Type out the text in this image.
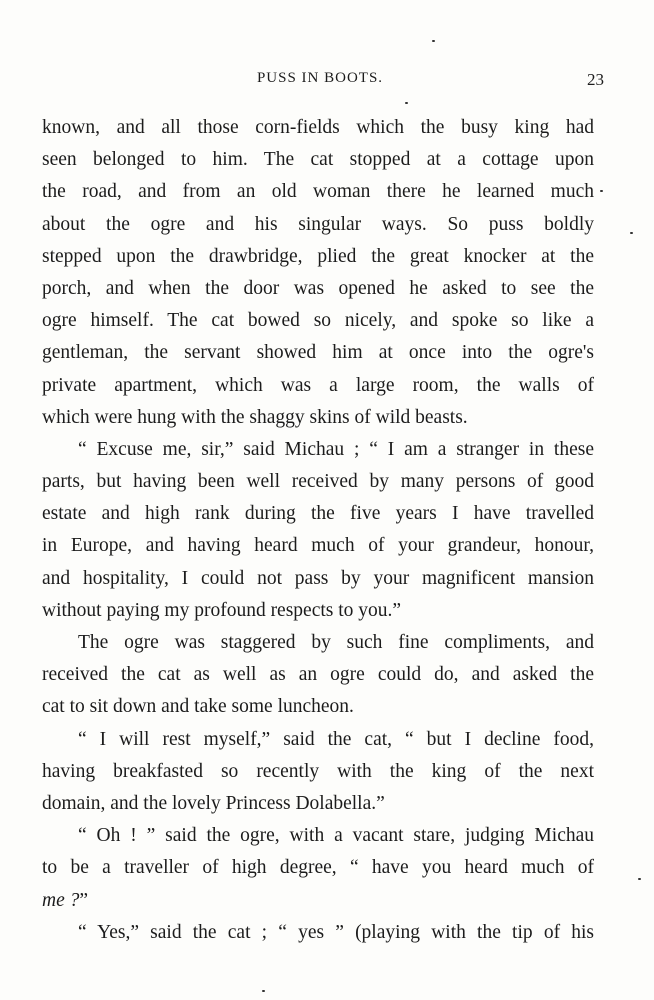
PUSS IN BOOTS.	23
known, and all those corn-fields which the busy king had
seen belonged to him. The cat stopped at a cottage upon
the road, and from an old woman there he learned much
about the ogre and his singular ways. So puss boldly
stepped upon the drawbridge, plied the great knocker at the
porch, and when the door was opened he asked to see the
ogre himself. The cat bowed so nicely, and spoke so like a
gentleman, the servant showed him at once into the ogre's
private apartment, which was a large room, the walls of
which were hung with the shaggy skins of wild beasts.
“ Excuse me, sir,” said Michau ; “ I am a stranger in these
parts, but having been well received by many persons of good
estate and high rank during the five years I have travelled
in Europe, and having heard much of your grandeur, honour,
and hospitality, I could not pass by your magnificent mansion
without paying my profound respects to you.”
The ogre was staggered by such fine compliments, and
received the cat as well as an ogre could do, and asked the
cat to sit down and take some luncheon.
“ I will rest myself,” said the cat, “ but I decline food,
having breakfasted so recently with the king of the next
domain, and the lovely Princess Dolabella.”
“ Oh ! ” said the ogre, with a vacant stare, judging Michau
to be a traveller of high degree, “ have you heard much of
me ?”
“ Yes,” said the cat ; “ yes ” (playing with the tip of his
